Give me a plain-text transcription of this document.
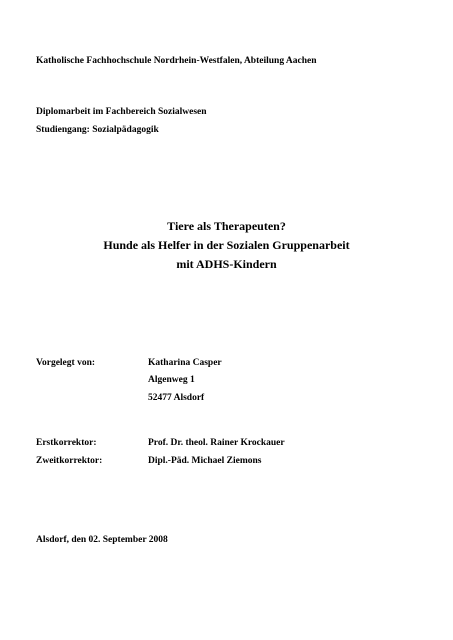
Katholische Fachhochschule Nordrhein-Westfalen, Abteilung Aachen
Diplomarbeit im Fachbereich Sozialwesen
Studiengang: Sozialpädagogik
Tiere als Therapeuten?
Hunde als Helfer in der Sozialen Gruppenarbeit
mit ADHS-Kindern
Vorgelegt von:	Katharina Casper
Algenweg 1
52477 Alsdorf
Erstkorrektor:	Prof. Dr. theol. Rainer Krockauer
Zweitkorrektor:	Dipl.-Päd. Michael Ziemons
Alsdorf, den 02. September 2008
